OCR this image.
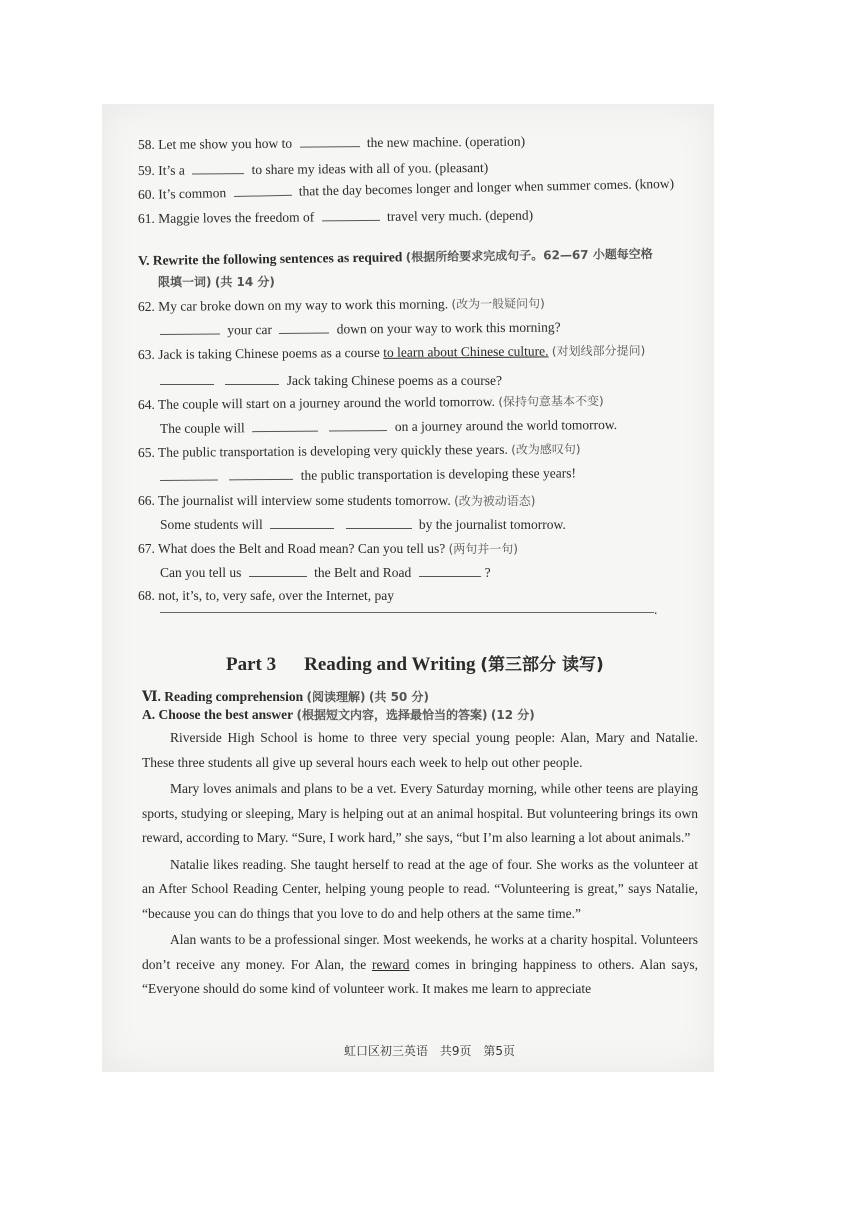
58. Let me show you how to	the new machine. (operation)
59. It’s a	to share my ideas with all of you. (pleasant)
60. It’s common	that the day becomes longer and longer when summer comes. (know)
61. Maggie loves the freedom of	travel very much. (depend)
V. Rewrite the following sentences as required (根据所给要求完成句子。62—67 小题每空格
限填一词) (共 14 分)
62. My car broke down on my way to work this morning. (改为一般疑问句)
your car	down on your way to work this morning?
63. Jack is taking Chinese poems as a course to learn about Chinese culture. (对划线部分提问)
Jack taking Chinese poems as a course?
64. The couple will start on a journey around the world tomorrow. (保持句意基本不变)
The couple will	on a journey around the world tomorrow.
65. The public transportation is developing very quickly these years. (改为感叹句)
the public transportation is developing these years!
66. The journalist will interview some students tomorrow. (改为被动语态)
Some students will	by the journalist tomorrow.
67. What does the Belt and Road mean? Can you tell us? (两句并一句)
Can you tell us	the Belt and Road	?
68. not, it’s, to, very safe, over the Internet, pay
.
Part 3 Reading and Writing (第三部分 读写)
Ⅵ. Reading comprehension (阅读理解) (共 50 分)
A. Choose the best answer (根据短文内容，选择最恰当的答案) (12 分)

Riverside High School is home to three very special young people: Alan, Mary and Natalie. These three students all give up several hours each week to help out other people.

Mary loves animals and plans to be a vet. Every Saturday morning, while other teens are playing sports, studying or sleeping, Mary is helping out at an animal hospital. But volunteering brings its own reward, according to Mary. “Sure, I work hard,” she says, “but I’m also learning a lot about animals.”

Natalie likes reading. She taught herself to read at the age of four. She works as the volunteer at an After School Reading Center, helping young people to read. “Volunteering is great,” says Natalie, “because you can do things that you love to do and help others at the same time.”

Alan wants to be a professional singer. Most weekends, he works at a charity hospital. Volunteers don’t receive any money. For Alan, the reward comes in bringing happiness to others. Alan says, “Everyone should do some kind of volunteer work. It makes me learn to appreciate

虹口区初三英语 共9页 第5页
